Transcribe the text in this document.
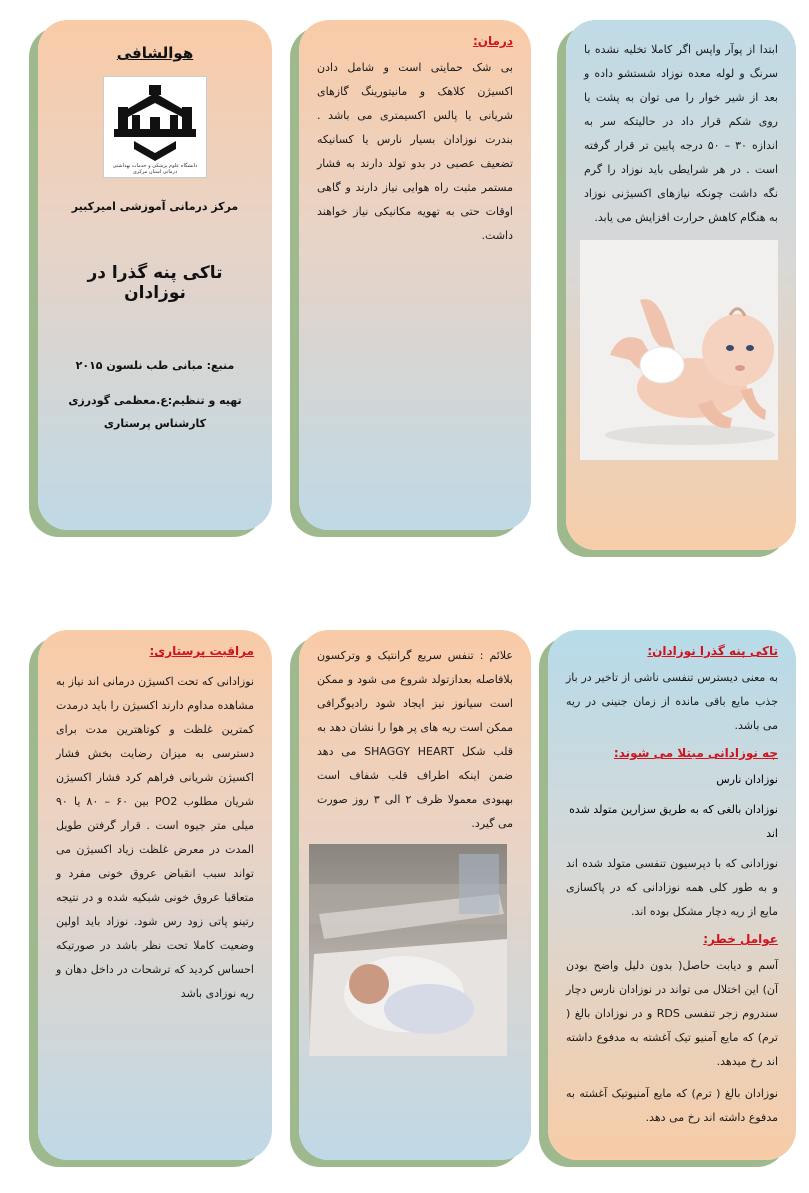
هوالشافی
دانشگاه علوم پزشکی و خدمات بهداشتی درمانی استان مرکزی
مرکز درمانی آموزشی امیرکبیر
تاکی پنه گذرا در نوزادان
منبع: مبانی طب نلسون ۲۰۱۵
تهیه و تنظیم:ع.معظمی گودرزی
کارشناس پرستاری
درمان:

بی شک حمایتی است و شامل دادن اکسیژن کلاهک و مانیتورینگ گازهای شریانی یا پالس اکسیمتری می باشد . بندرت نوزادان بسیار نارس یا کسانیکه تضعیف عصبی در بدو تولد دارند به فشار مستمر مثبت راه هوایی نیاز دارند و گاهی اوقات حتی به تهویه مکانیکی نیاز خواهند داشت.

ابتدا از پوآر واپس اگر کاملا تخلیه نشده با سرنگ و لوله معده نوزاد شستشو داده و بعد از شیر خوار را می توان به پشت یا روی شکم قرار داد در حالیتکه سر به اندازه ۳۰ – ۵۰ درجه پایین تر قرار گرفته است . در هر شرایطی باید نوزاد را گرم نگه داشت چونکه نیازهای اکسیژنی نوزاد به هنگام کاهش حرارت افزایش می یابد.

مراقبت پرستاری:

نوزادانی که تحت اکسیژن درمانی اند نیاز به مشاهده مداوم دارند اکسیژن را باید درمدت کمترین غلظت و کوتاهترین مدت برای دسترسی به میزان رضایت بخش فشار اکسیژن شریانی فراهم کرد فشار اکسیژن شریان مطلوب PO2 بین ۶۰ – ۸۰ یا ۹۰ میلی متر جیوه است . قرار گرفتن طویل المدت در معرض غلظت زیاد اکسیژن می تواند سبب انقباض عروق خونی مفرد و متعاقبا عروق خونی شبکیه شده و در نتیجه رتینو پاتی زود رس شود. نوزاد باید اولین وضعیت کاملا تحت نظر باشد در صورتیکه احساس کردید که ترشحات در داخل دهان و ریه نوزادی باشد

علائم : تنفس سریع گرانتیک و وترکسون بلافاصله بعدازتولد شروع می شود و ممکن است سیانوز نیز ایجاد شود رادیوگرافی ممکن است ریه های پر هوا را نشان دهد به قلب شکل SHAGGY HEART می دهد ضمن اینکه اطراف قلب شفاف است بهبودی معمولا ظرف ۲ الی ۳ روز صورت می گیرد.

تاکی پنه گذرا نوزادان:

به معنی دیسترس تنفسی ناشی از تاخیر در باز جذب مایع باقی مانده از زمان جنینی در ریه می باشد.

چه نوزادانی مبتلا می شوند:

نوزادان نارس

نوزادان بالغی که به طریق سزارین متولد شده اند

نوزادانی که با دپرسیون تنفسی متولد شده اند و به طور کلی همه نوزادانی که در پاکسازی مایع از ریه دچار مشکل بوده اند.

عوامل خطر:

آسم و دیابت حاصل( بدون دلیل واضح بودن آن) این اختلال می تواند در نوزادان نارس دچار سندروم زجر تنفسی RDS و در نوزادان بالغ ( ترم) که مایع آمنیو تیک آغشته به مدفوع داشته اند رخ میدهد.

نوزادان بالغ ( ترم) که مایع آمنیوتیک آغشته به مدفوع داشته اند رخ می دهد.
